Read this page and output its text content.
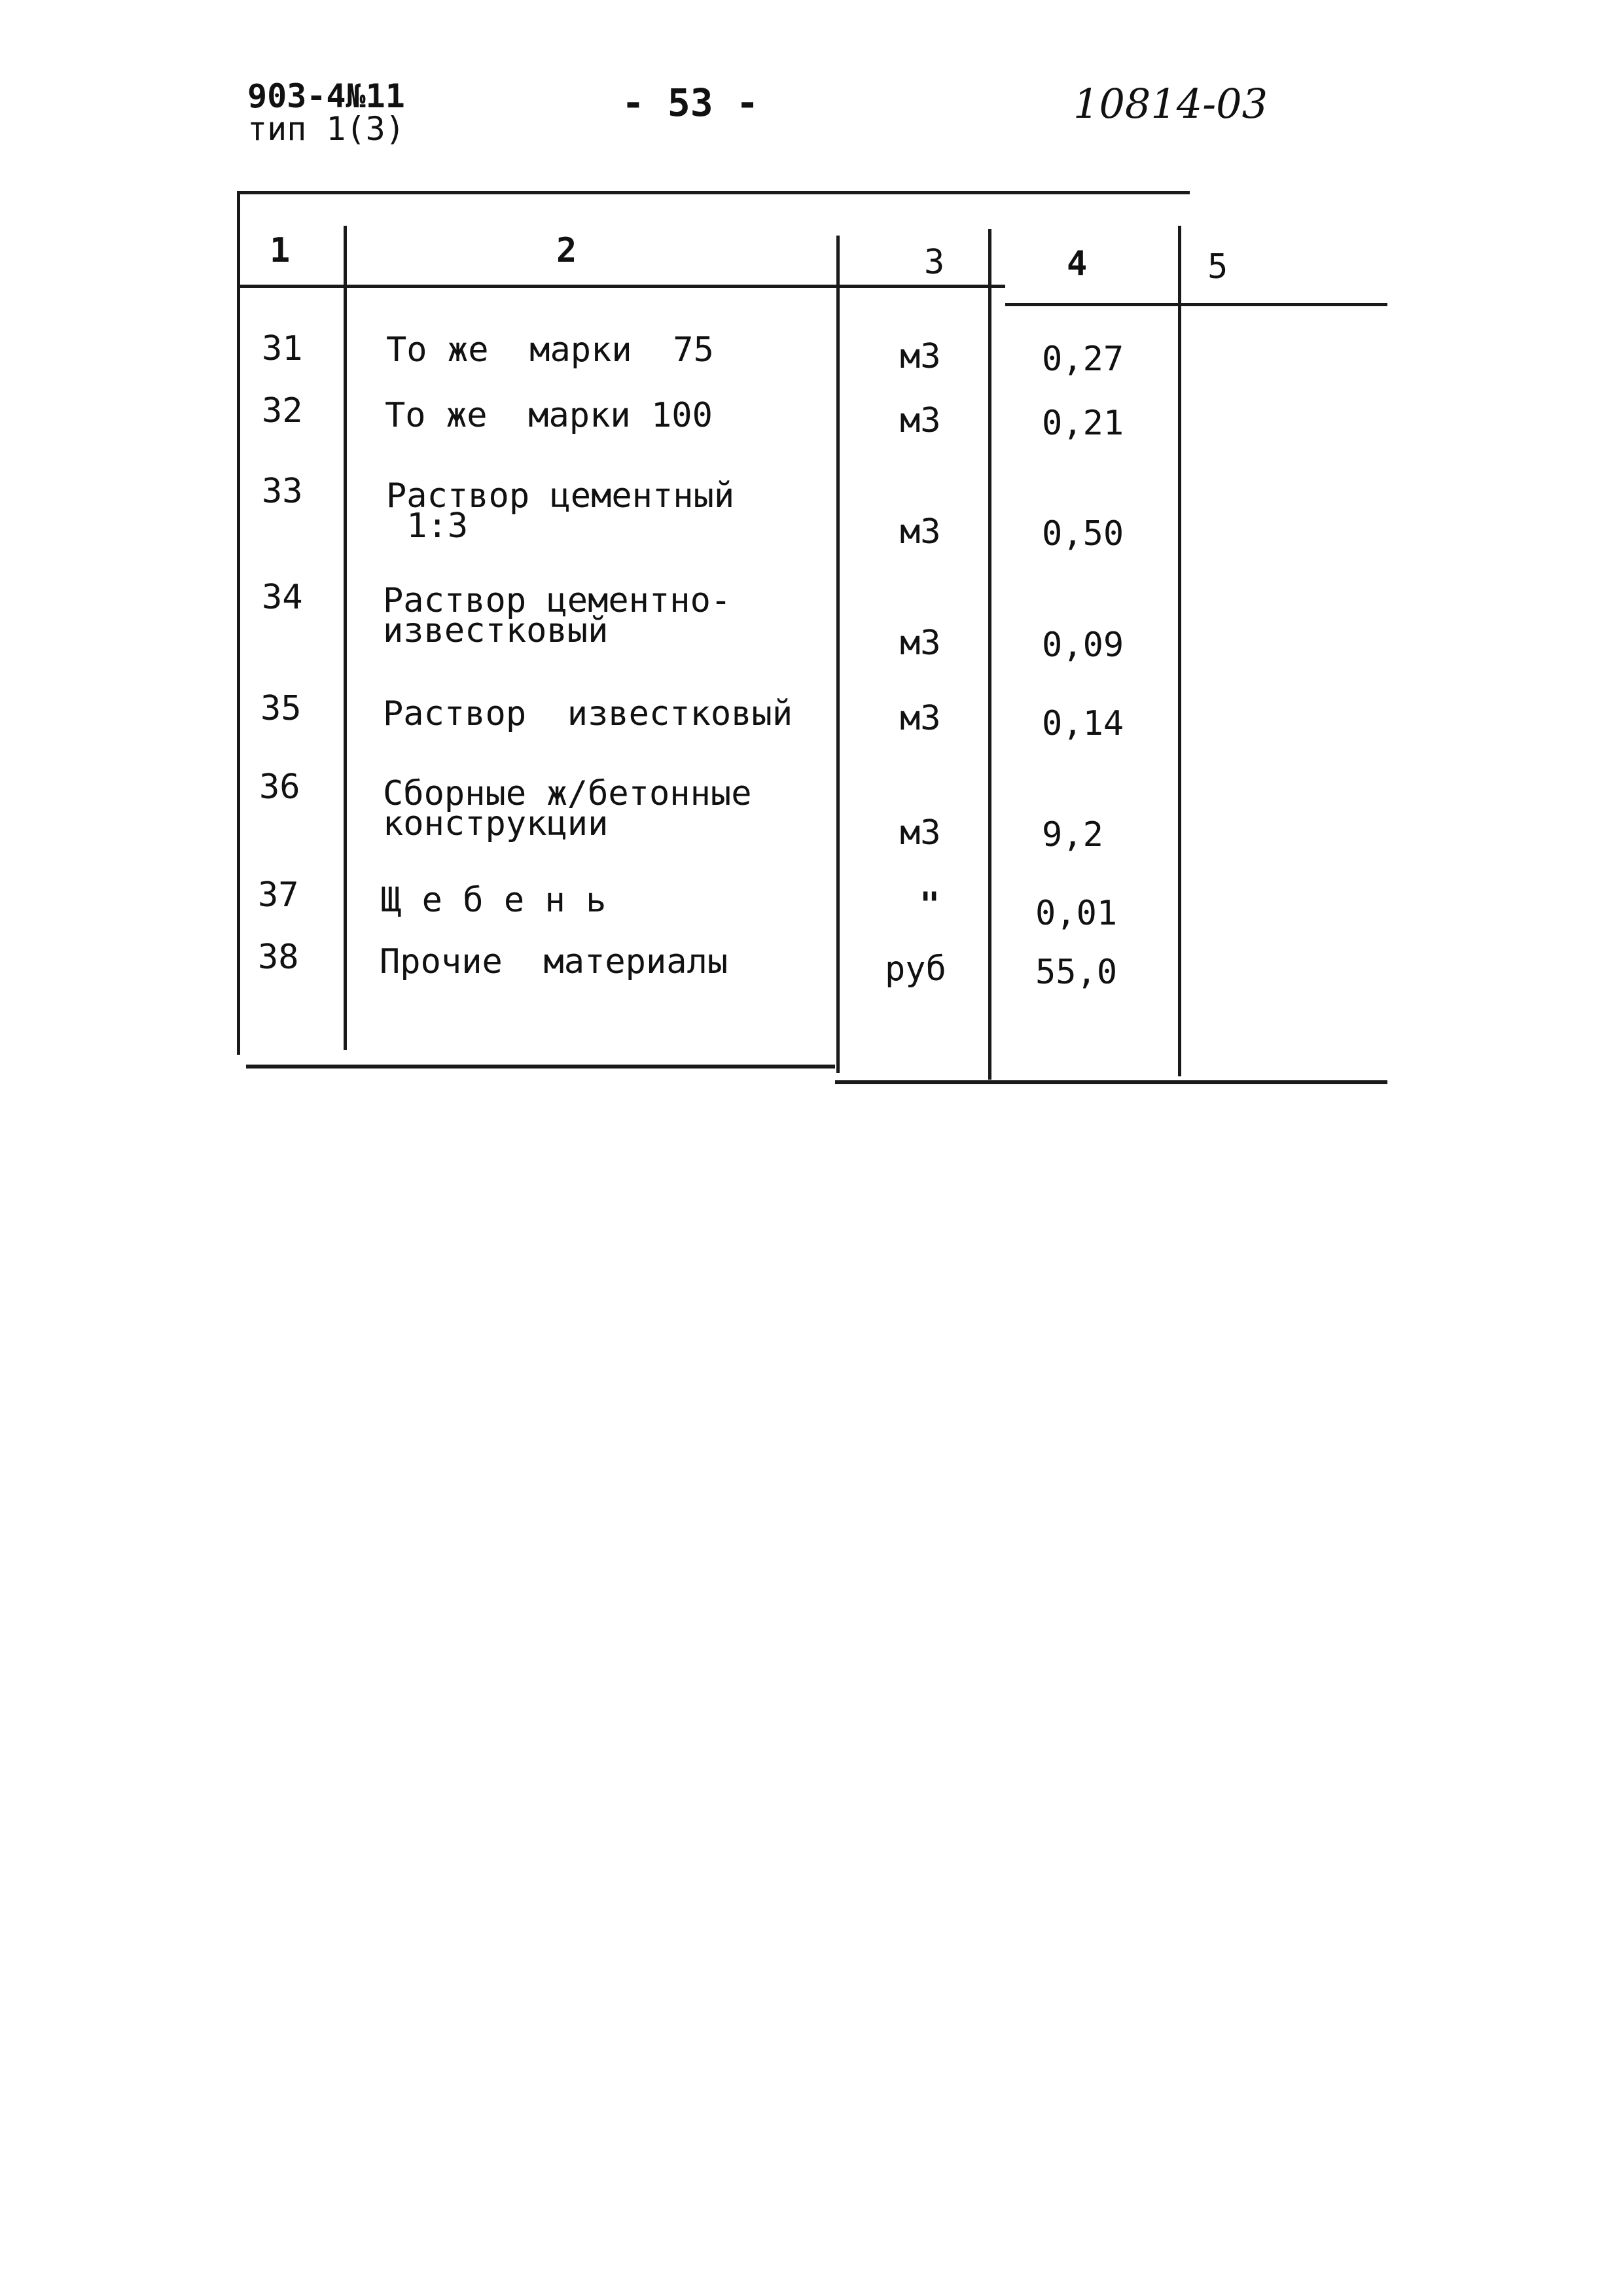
903-4№11
тип 1(3)
- 53 -	10814-03
1	2	3	4	5
31 То же  марки  75	м3	0,27
32 То же  марки 100	м3	0,21
33 Раствор цементный
1:3	м3	0,50
34 Раствор цементно-
известковый	м3	0,09
35 Раствор  известковый	м3	0,14
36 Сборные ж/бетонные
конструкции	м3	9,2
37 Щ е б е н ь	"	0,01
38 Прочие  материалы	руб	55,0
